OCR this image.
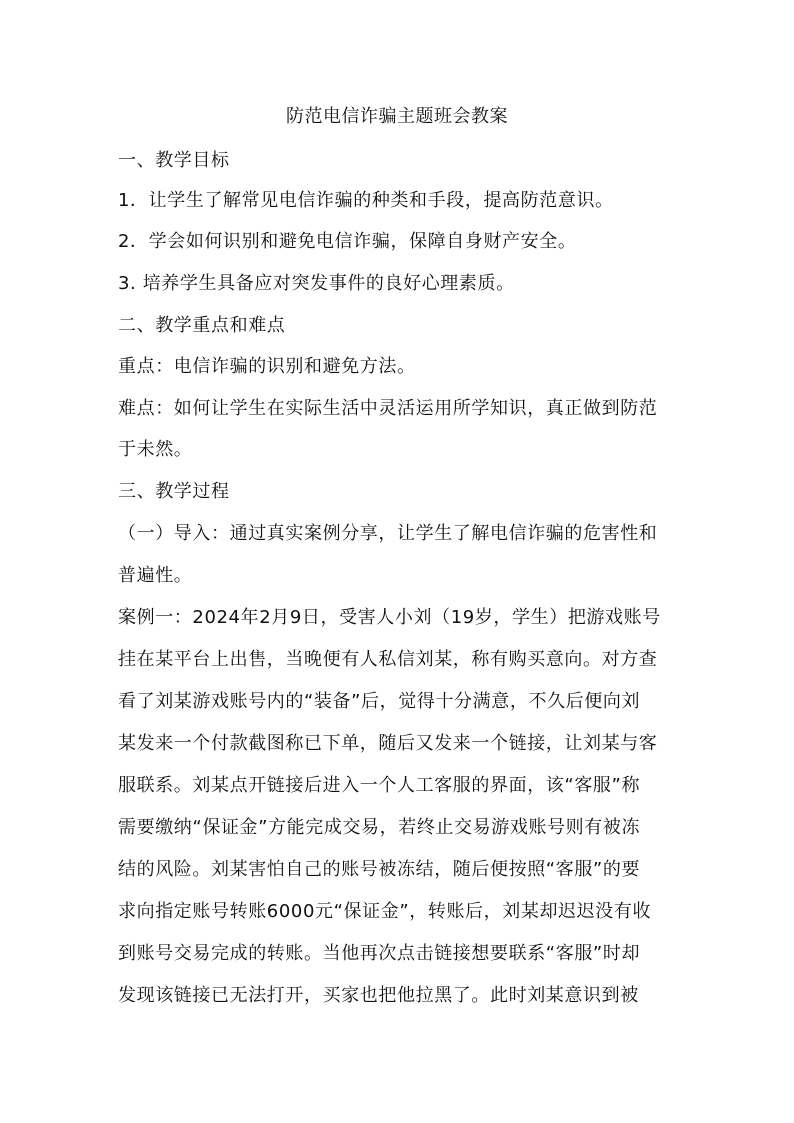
防范电信诈骗主题班会教案
一、教学目标
1．让学生了解常见电信诈骗的种类和手段，提高防范意识。
2．学会如何识别和避免电信诈骗，保障自身财产安全。
3. 培养学生具备应对突发事件的良好心理素质。
二、教学重点和难点
重点：电信诈骗的识别和避免方法。
难点：如何让学生在实际生活中灵活运用所学知识，真正做到防范
于未然。
三、教学过程
（一）导入：通过真实案例分享，让学生了解电信诈骗的危害性和
普遍性。
案例一：2024年2月9日，受害人小刘（19岁，学生）把游戏账号
挂在某平台上出售，当晚便有人私信刘某，称有购买意向。对方查
看了刘某游戏账号内的“装备”后，觉得十分满意，不久后便向刘
某发来一个付款截图称已下单，随后又发来一个链接，让刘某与客
服联系。刘某点开链接后进入一个人工客服的界面，该“客服”称
需要缴纳“保证金”方能完成交易，若终止交易游戏账号则有被冻
结的风险。刘某害怕自己的账号被冻结，随后便按照“客服”的要
求向指定账号转账6000元“保证金”，转账后，刘某却迟迟没有收
到账号交易完成的转账。当他再次点击链接想要联系“客服”时却
发现该链接已无法打开，买家也把他拉黑了。此时刘某意识到被
